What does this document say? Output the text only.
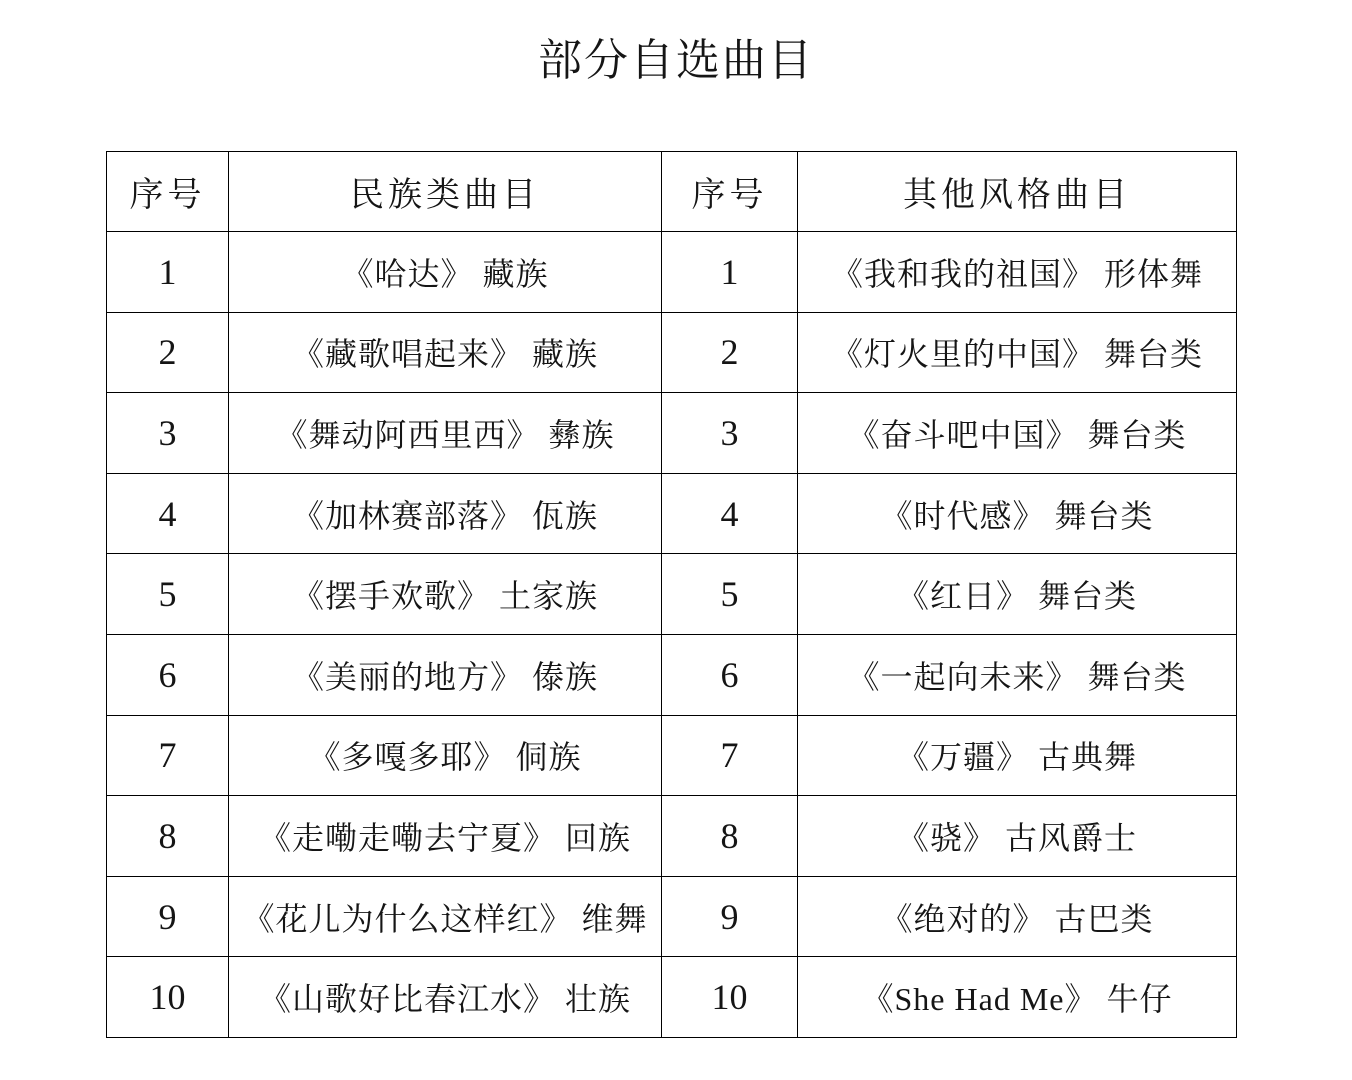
部分自选曲目
序号	民族类曲目	序号	其他风格曲目
1	《哈达》 藏族	1	《我和我的祖国》 形体舞
2	《藏歌唱起来》 藏族	2	《灯火里的中国》 舞台类
3	《舞动阿西里西》 彝族	3	《奋斗吧中国》 舞台类
4	《加林赛部落》 佤族	4	《时代感》 舞台类
5	《摆手欢歌》 土家族	5	《红日》 舞台类
6	《美丽的地方》 傣族	6	《一起向未来》 舞台类
7	《多嘎多耶》 侗族	7	《万疆》 古典舞
8	《走嘞走嘞去宁夏》 回族	8	《骁》 古风爵士
9	《花儿为什么这样红》 维舞	9	《绝对的》 古巴类
10	《山歌好比春江水》 壮族	10	《She Had Me》 牛仔
